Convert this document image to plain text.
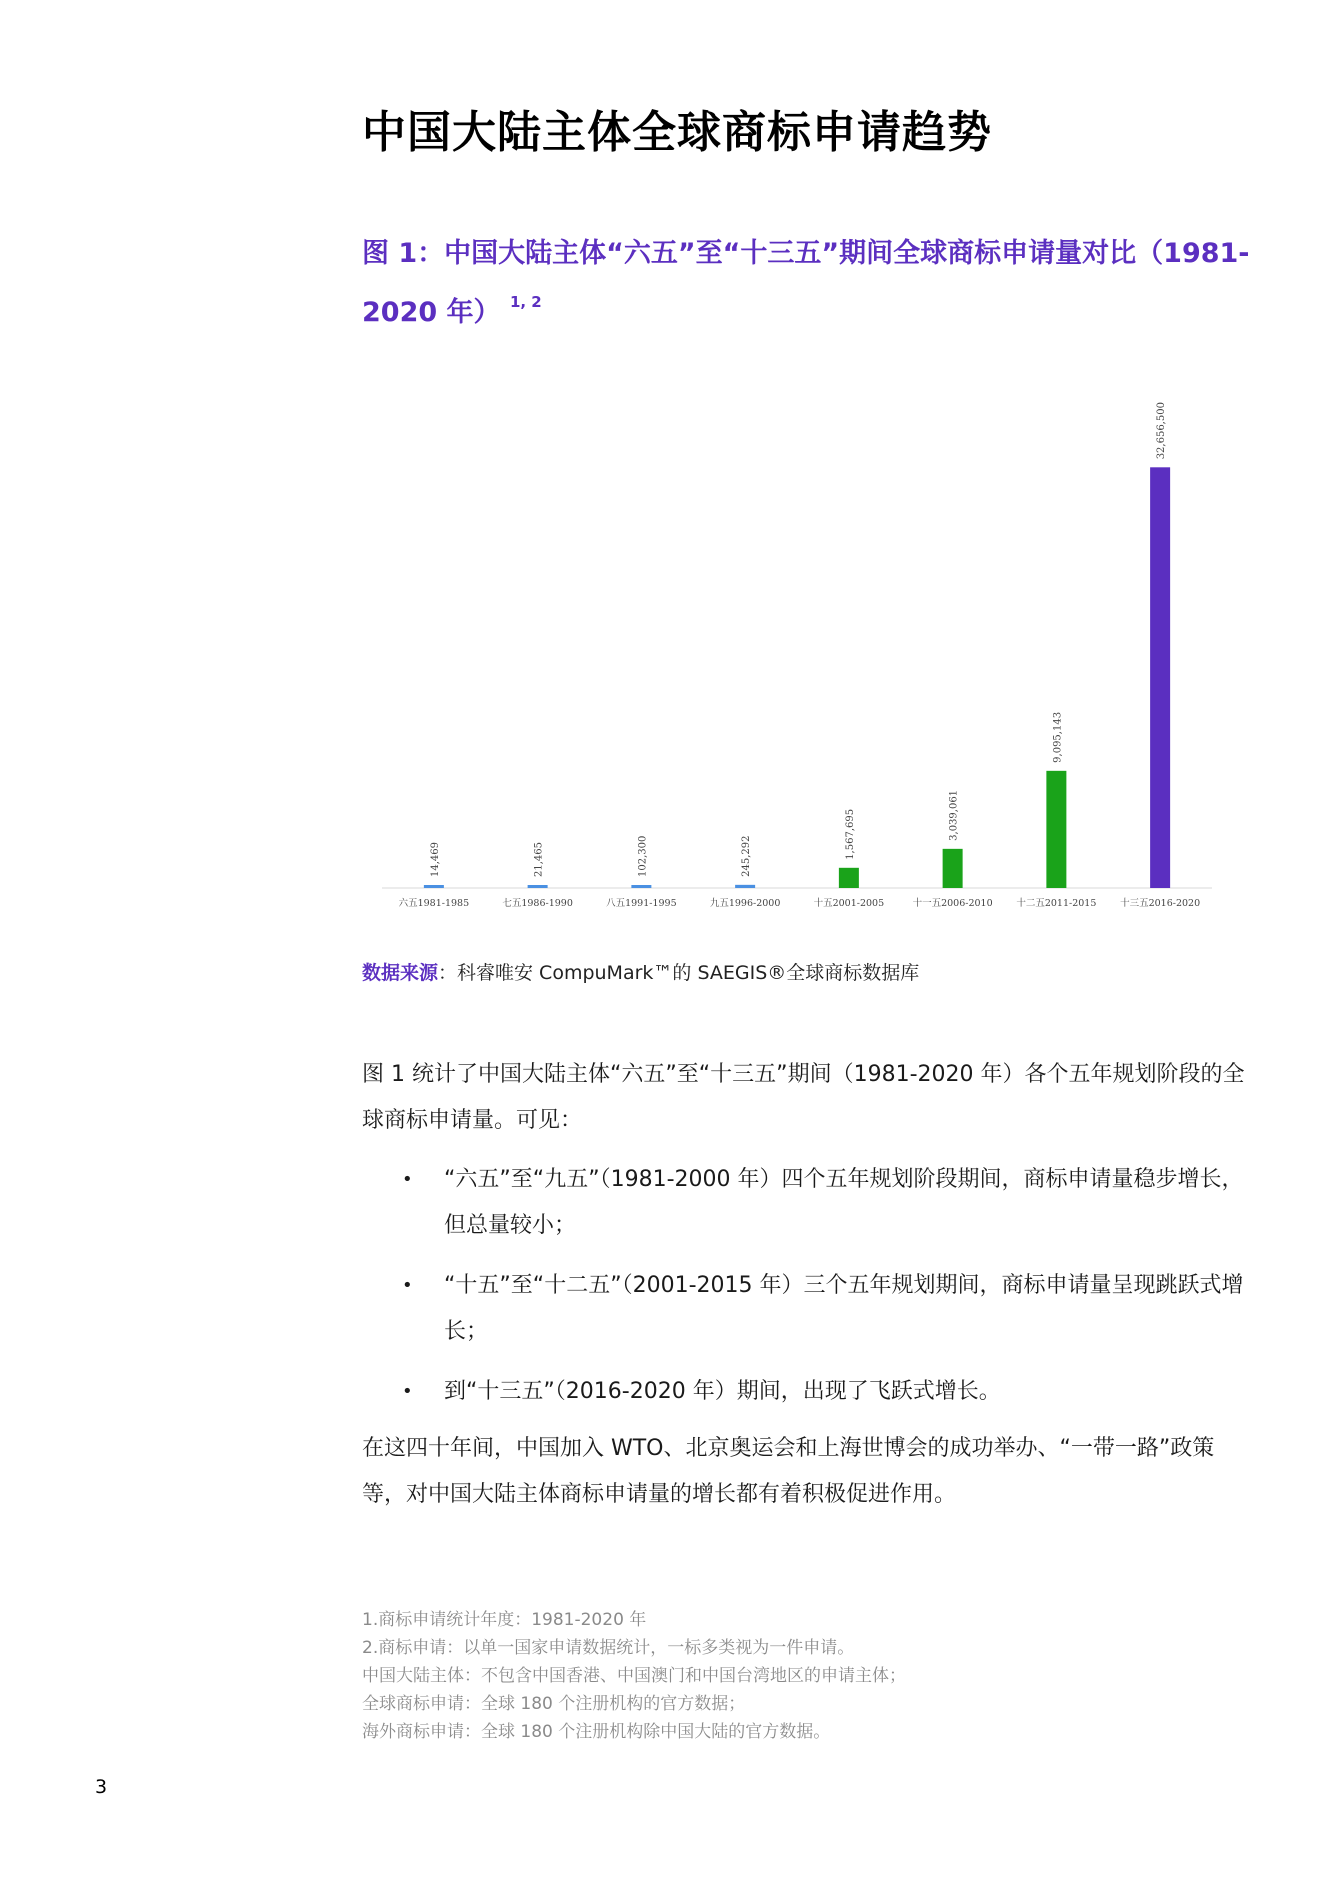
中国大陆主体全球商标申请趋势

图 1：中国大陆主体“六五”至“十三五”期间全球商标申请量对比（1981-2020 年） $^{1, 2}$

14,469
六五1981-1985
21,465
七五1986-1990
102,300
八五1991-1995
245,292
九五1996-2000
1,567,695
十五2001-2005
3,039,061
十一五2006-2010
9,095,143
十二五2011-2015
32,656,500
十三五2016-2020

数据来源：科睿唯安 CompuMark™的 SAEGIS®全球商标数据库

图 1 统计了中国大陆主体“六五”至“十三五”期间（1981-2020 年）各个五年规划阶段的全球商标申请量。可见：

• “六五”至“九五”（1981-2000 年）四个五年规划阶段期间，商标申请量稳步增长，但总量较小；
• “十五”至“十二五”（2001-2015 年）三个五年规划期间，商标申请量呈现跳跃式增长；
• 到“十三五”（2016-2020 年）期间，出现了飞跃式增长。

在这四十年间，中国加入 WTO、北京奥运会和上海世博会的成功举办、“一带一路”政策等，对中国大陆主体商标申请量的增长都有着积极促进作用。

1.商标申请统计年度：1981-2020 年
2.商标申请：以单一国家申请数据统计，一标多类视为一件申请。
中国大陆主体：不包含中国香港、中国澳门和中国台湾地区的申请主体；
全球商标申请：全球 180 个注册机构的官方数据；
海外商标申请：全球 180 个注册机构除中国大陆的官方数据。
3
